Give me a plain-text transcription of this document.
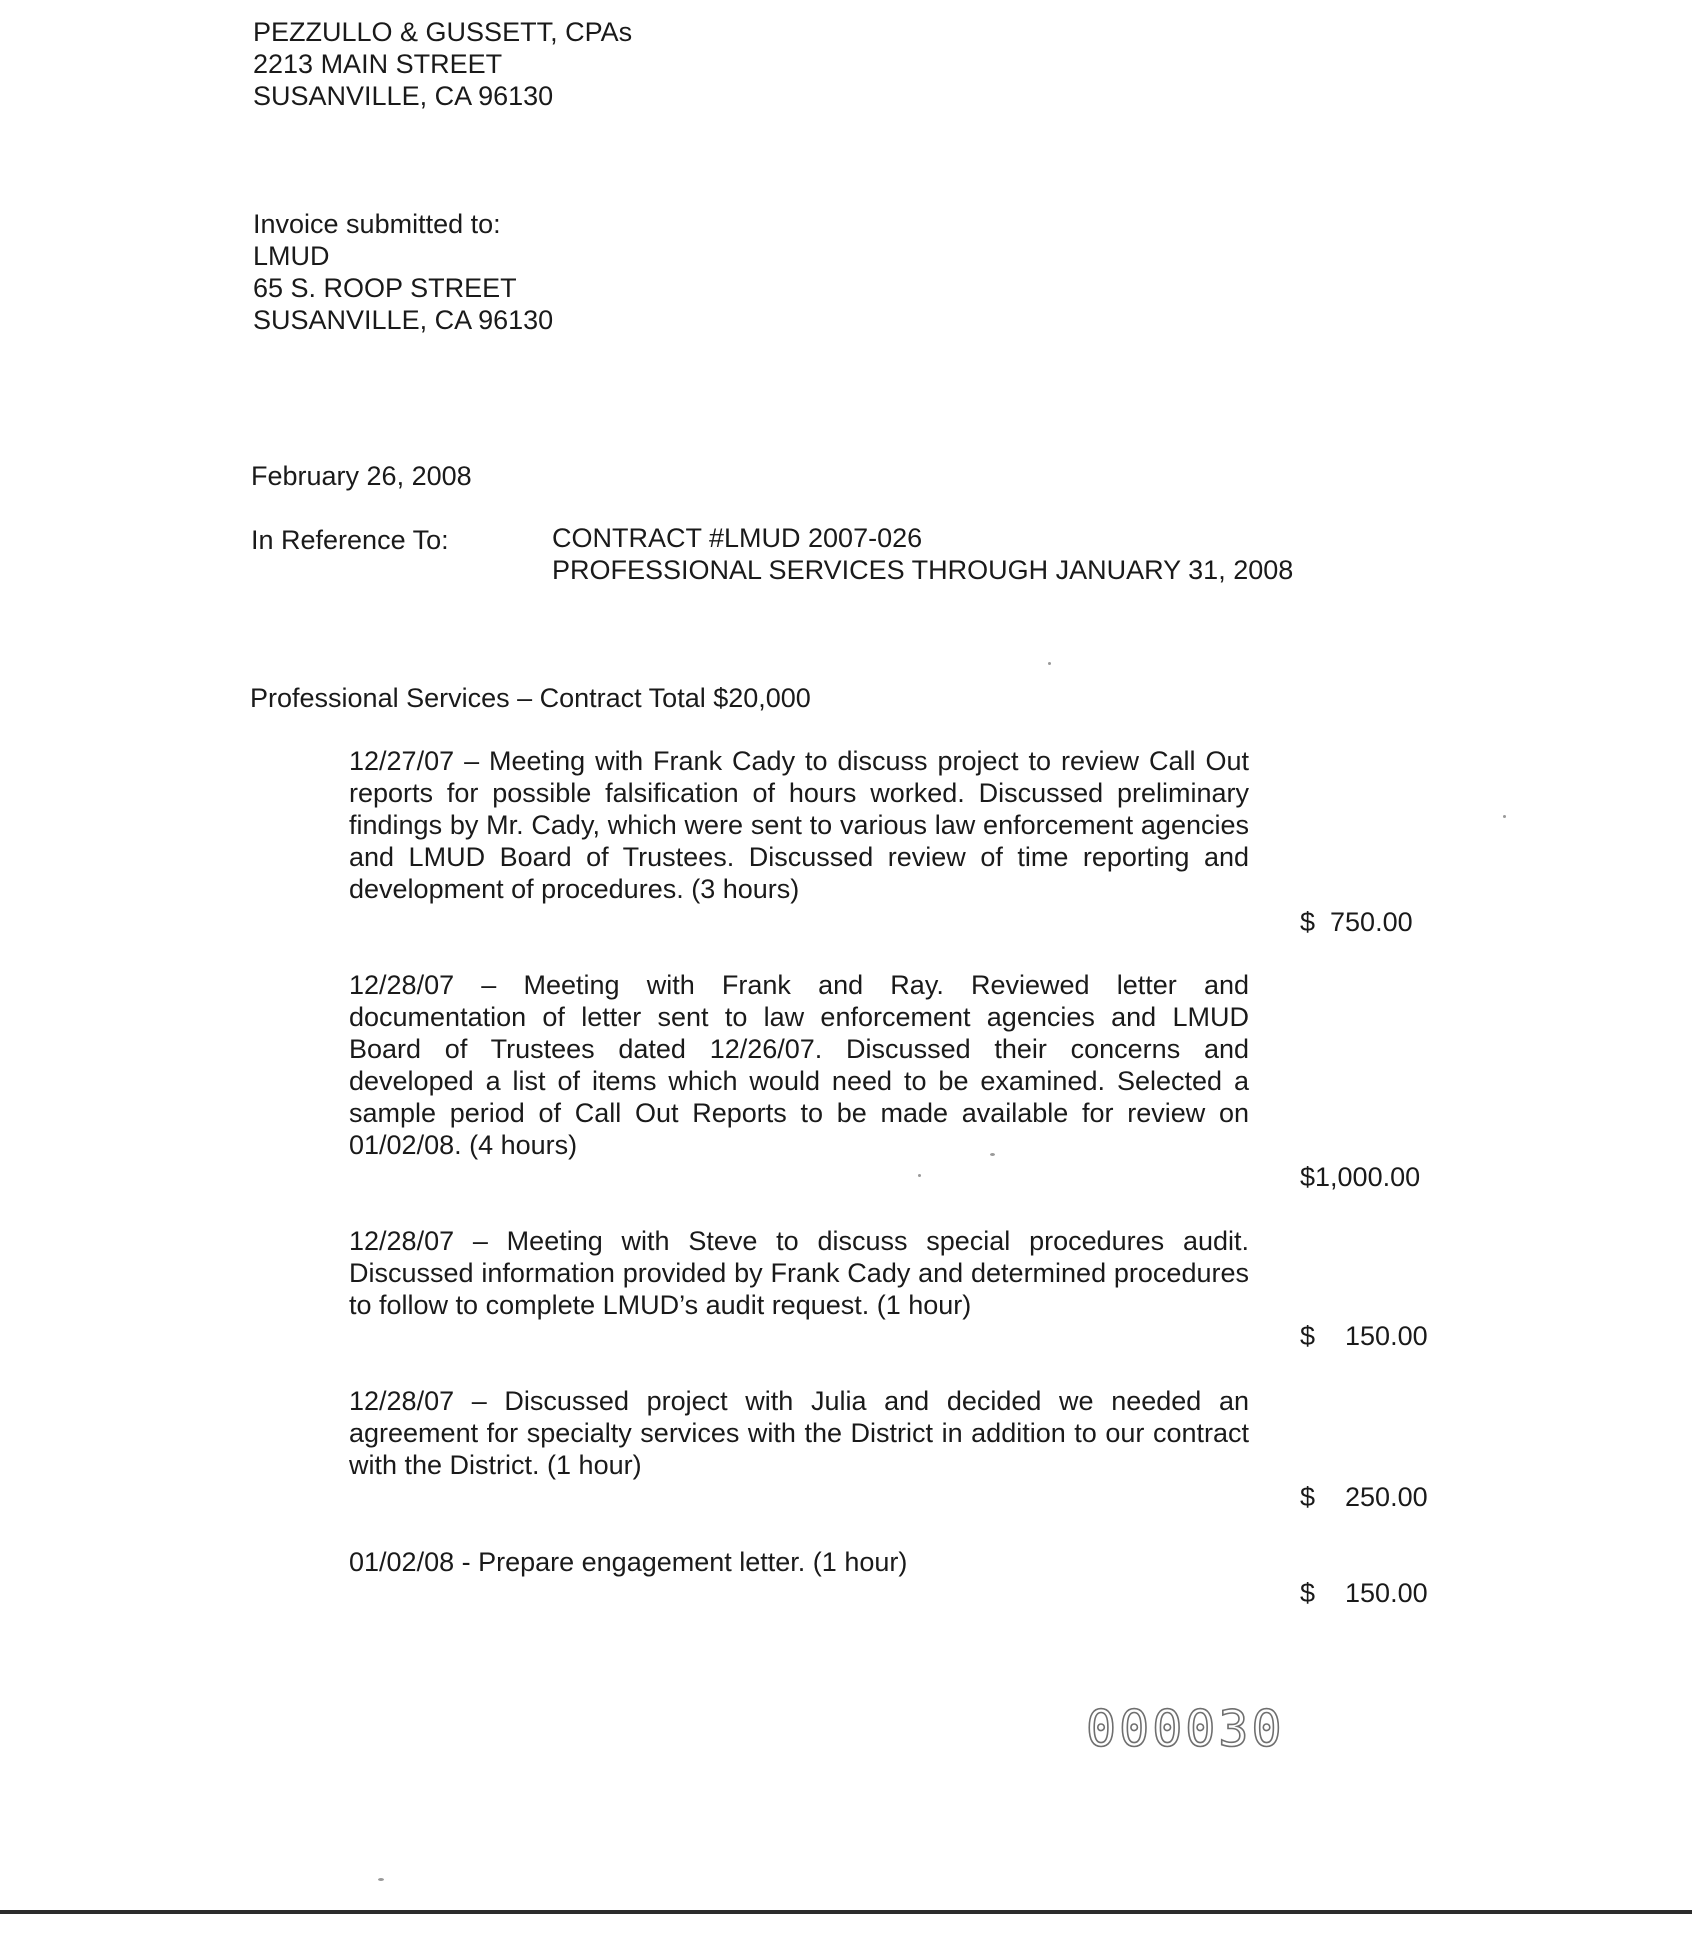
PEZZULLO & GUSSETT, CPAs
2213 MAIN STREET
SUSANVILLE, CA 96130
Invoice submitted to:
LMUD
65 S. ROOP STREET
SUSANVILLE, CA 96130
February 26, 2008
In Reference To:	CONTRACT #LMUD 2007-026
PROFESSIONAL SERVICES THROUGH JANUARY 31, 2008
Professional Services – Contract Total $20,000
12/27/07 – Meeting with Frank Cady to discuss project to review Call Out reports for possible falsification of hours worked. Discussed preliminary findings by Mr. Cady, which were sent to various law enforcement agencies and LMUD Board of Trustees. Discussed review of time reporting and development of procedures. (3 hours)
$  750.00
12/28/07 – Meeting with Frank and Ray. Reviewed letter and documentation of letter sent to law enforcement agencies and LMUD Board of Trustees dated 12/26/07. Discussed their concerns and developed a list of items which would need to be examined. Selected a sample period of Call Out Reports to be made available for review on 01/02/08. (4 hours)
$1,000.00
12/28/07 – Meeting with Steve to discuss special procedures audit. Discussed information provided by Frank Cady and determined procedures to follow to complete LMUD’s audit request. (1 hour)
$    150.00
12/28/07 – Discussed project with Julia and decided we needed an agreement for specialty services with the District in addition to our contract with the District. (1 hour)
$    250.00
01/02/08 - Prepare engagement letter. (1 hour)
$    150.00
000030
